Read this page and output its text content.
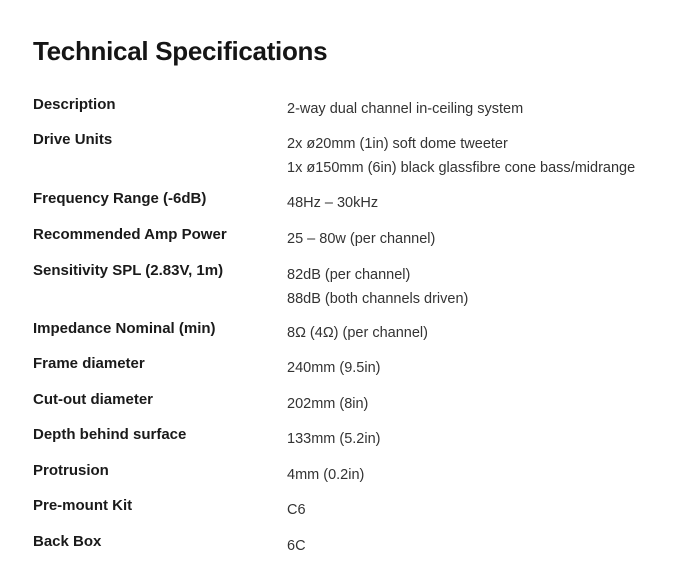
Technical Specifications
Description	2-way dual channel in-ceiling system
Drive Units	2x ø20mm (1in) soft dome tweeter
1x ø150mm (6in) black glassfibre cone bass/midrange
Frequency Range (-6dB)	48Hz – 30kHz
Recommended Amp Power	25 – 80w (per channel)
Sensitivity SPL (2.83V, 1m)	82dB (per channel)
88dB (both channels driven)
Impedance Nominal (min)	8Ω (4Ω) (per channel)
Frame diameter	240mm (9.5in)
Cut-out diameter	202mm (8in)
Depth behind surface	133mm (5.2in)
Protrusion	4mm (0.2in)
Pre-mount Kit	C6
Back Box	6C
